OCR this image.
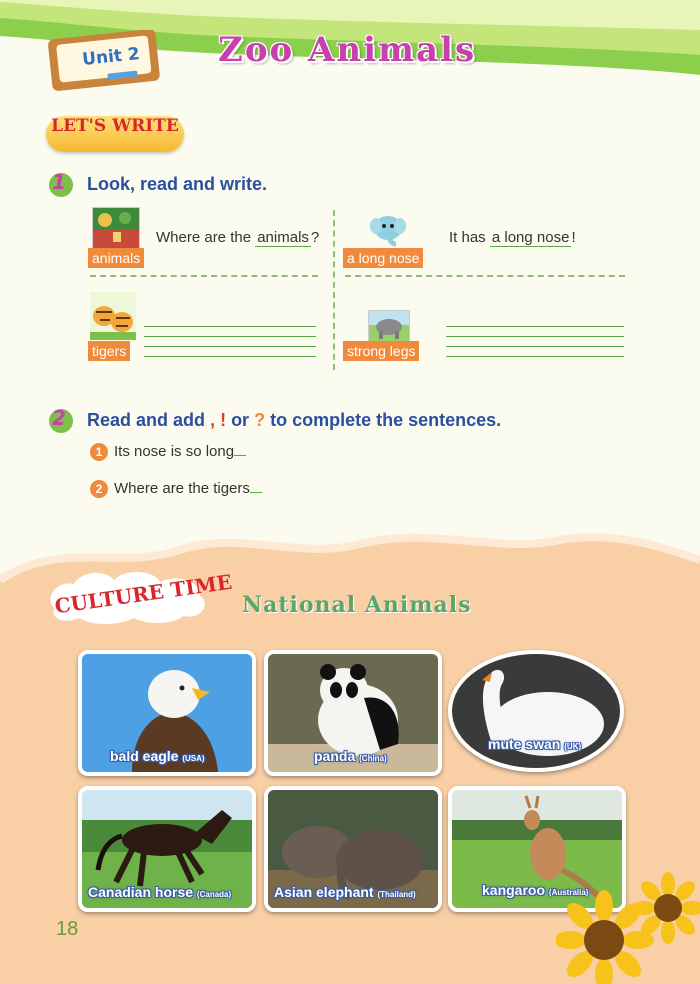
Unit 2	Zoo Animals
LET'S WRITE
1 Look, read and write.
animals
Where are the animals ?
a long nose
It has a long nose !
tigers	strong legs
2 Read and add , ! or ? to complete the sentences.
1 Its nose is so long
2 Where are the tigers
CULTURE TIME National Animals
bald eagle (USA)	panda (China)
mute swan (UK)
Canadian horse (Canada)	Asian elephant (Thailand)	kangaroo (Australia)
18
